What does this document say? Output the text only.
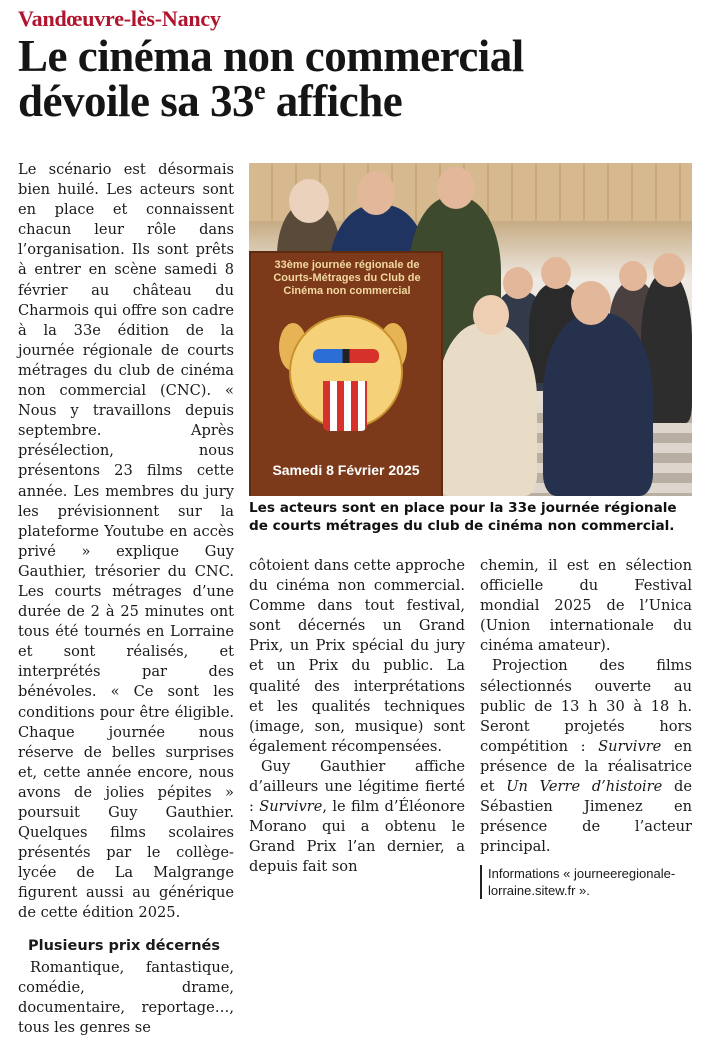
Vandœuvre-lès-Nancy
Le cinéma non commercial
dévoile sa 33e affiche

Le scénario est désormais bien huilé. Les acteurs sont en place et connaissent chacun leur rôle dans l’organisation. Ils sont prêts à entrer en scène samedi 8 février au château du Charmois qui offre son cadre à la 33e édition de la journée régionale de courts métrages du club de cinéma non commercial (CNC). « Nous y travaillons depuis septembre. Après présélection, nous présentons 23 films cette année. Les membres du jury les prévisionnent sur la plateforme Youtube en accès privé » explique Guy Gauthier, trésorier du CNC. Les courts métrages d’une durée de 2 à 25 minutes ont tous été tournés en Lorraine et sont réalisés, et interprétés par des bénévoles. « Ce sont les conditions pour être éligible. Chaque journée nous réserve de belles surprises et, cette année encore, nous avons de jolies pépites » poursuit Guy Gauthier. Quelques films scolaires présentés par le collège-lycée de La Malgrange figurent aussi au générique de cette édition 2025.

Plusieurs prix décernés

Romantique, fantastique, comédie, drame, documentaire, reportage…, tous les genres se

33ème journée régionale de Courts-Métrages du Club de Cinéma non commercial
Samedi 8 Février 2025
Les acteurs sont en place pour la 33e journée régionale de courts métrages du club de cinéma non commercial.

côtoient dans cette approche du cinéma non commercial. Comme dans tout festival, sont décernés un Grand Prix, un Prix spécial du jury et un Prix du public. La qualité des interprétations et les qualités techniques (image, son, musique) sont également récompensées.

Guy Gauthier affiche d’ailleurs une légitime fierté : Survivre, le film d’Éléonore Morano qui a obtenu le Grand Prix l’an dernier, a depuis fait son

chemin, il est en sélection officielle du Festival mondial 2025 de l’Unica (Union internationale du cinéma amateur).

Projection des films sélectionnés ouverte au public de 13 h 30 à 18 h. Seront projetés hors compétition : Survivre en présence de la réalisatrice et Un Verre d’histoire de Sébastien Jimenez en présence de l’acteur principal.

Informations « journeeregionale-lorraine.sitew.fr ».
